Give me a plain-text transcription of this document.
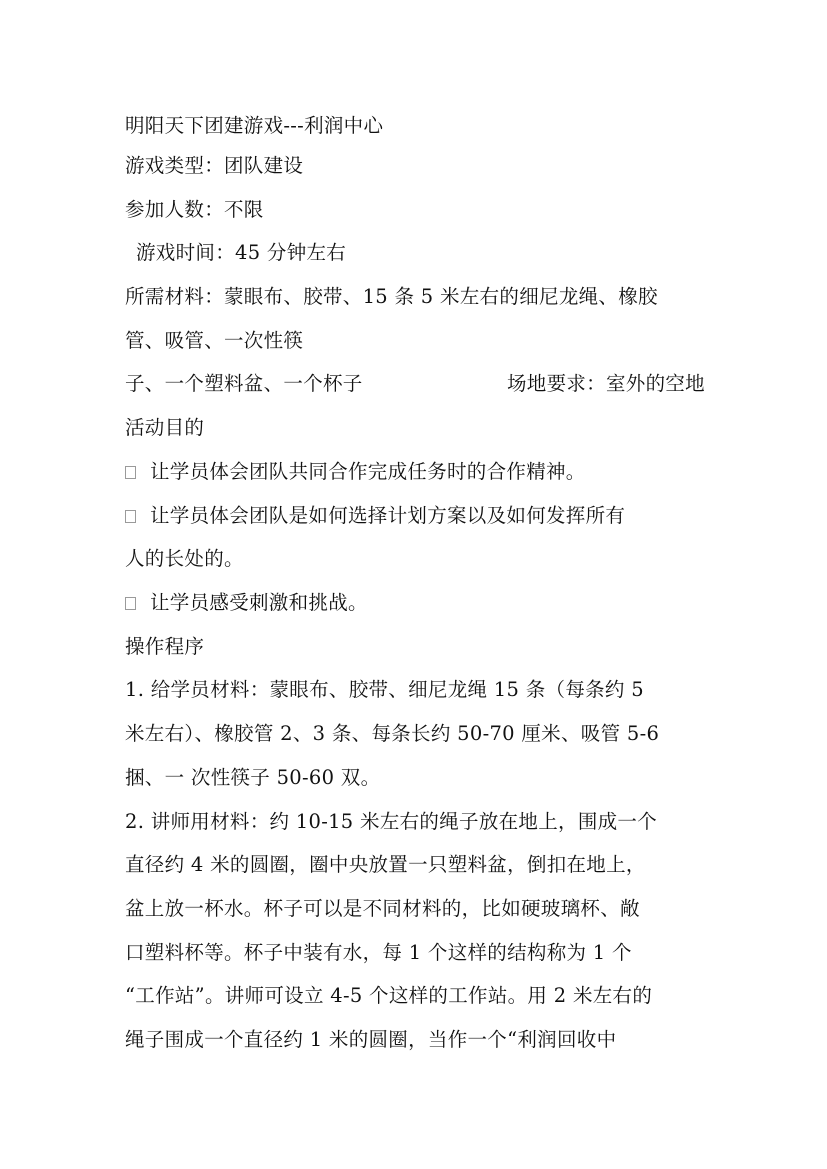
明阳天下团建游戏---利润中心
游戏类型：团队建设
参加人数：不限
游戏时间：45 分钟左右
所需材料：蒙眼布、胶带、15 条 5 米左右的细尼龙绳、橡胶
管、吸管、一次性筷
子、一个塑料盆、一个杯子	场地要求：室外的空地
活动目的
让学员体会团队共同合作完成任务时的合作精神。
让学员体会团队是如何选择计划方案以及如何发挥所有
人的长处的。
让学员感受刺激和挑战。
操作程序
1. 给学员材料：蒙眼布、胶带、细尼龙绳 15 条（每条约 5
米左右）、橡胶管 2、3 条、每条长约 50-70 厘米、吸管 5-6
捆、一 次性筷子 50-60 双。
2. 讲师用材料：约 10-15 米左右的绳子放在地上，围成一个
直径约 4 米的圆圈，圈中央放置一只塑料盆，倒扣在地上，
盆上放一杯水。杯子可以是不同材料的，比如硬玻璃杯、敞
口塑料杯等。杯子中装有水，每 1 个这样的结构称为 1 个
“工作站”。讲师可设立 4-5 个这样的工作站。用 2 米左右的
绳子围成一个直径约 1 米的圆圈，当作一个“利润回收中
